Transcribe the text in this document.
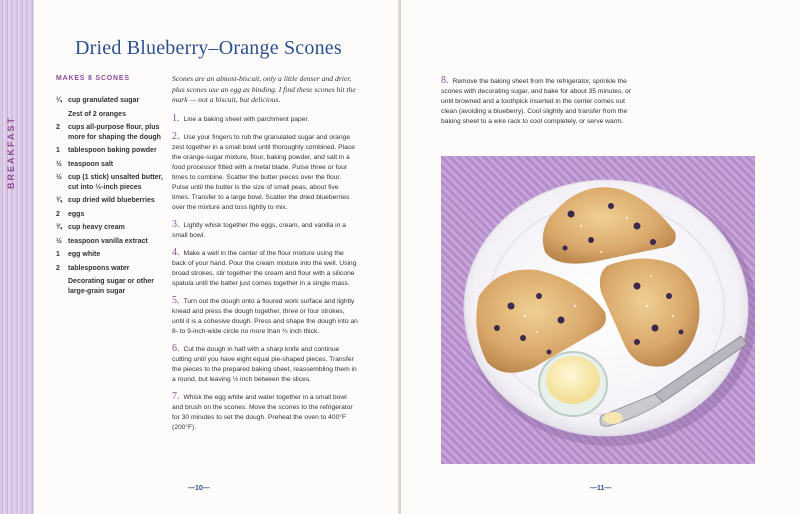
BREAKFAST
Dried Blueberry–Orange Scones
MAKES 8 SCONES
¼ cup granulated sugar
Zest of 2 oranges
2	cups all-purpose flour, plus more for shaping the dough
1	tablespoon baking powder
½ teaspoon salt
½ cup (1 stick) unsalted butter, cut into ½-inch pieces
¾ cup dried wild blueberries
2	eggs
¾ cup heavy cream
½ teaspoon vanilla extract
1	egg white
2	tablespoons water
Decorating sugar or other large-grain sugar
Scones are an almost-biscuit, only a little denser and drier, plus scones use an egg as binding. I find these scones hit the mark — not a biscuit, but delicious.
1. Line a baking sheet with parchment paper.
2. Use your fingers to rub the granulated sugar and orange zest together in a small bowl until thoroughly combined. Place the orange-sugar mixture, flour, baking powder, and salt in a food processor fitted with a metal blade. Pulse three or four times to combine. Scatter the butter pieces over the flour. Pulse until the butter is the size of small peas, about five times. Transfer to a large bowl. Scatter the dried blueberries over the mixture and toss lightly to mix.
3. Lightly whisk together the eggs, cream, and vanilla in a small bowl.
4. Make a well in the center of the flour mixture using the back of your hand. Pour the cream mixture into the well. Using broad strokes, stir together the cream and flour with a silicone spatula until the batter just comes together in a single mass.
5. Turn out the dough onto a floured work surface and lightly knead and press the dough together, three or four strokes, until it is a cohesive dough. Press and shape the dough into an 8- to 9-inch-wide circle no more than ¾ inch thick.
6. Cut the dough in half with a sharp knife and continue cutting until you have eight equal pie-shaped pieces. Transfer the pieces to the prepared baking sheet, reassembling them in a round, but leaving ½ inch between the slices.
7. Whisk the egg white and water together in a small bowl and brush on the scones. Move the scones to the refrigerator for 30 minutes to set the dough. Preheat the oven to 400°F (200°F).
8. Remove the baking sheet from the refrigerator, sprinkle the scones with decorating sugar, and bake for about 35 minutes, or until browned and a toothpick inserted in the center comes out clean (avoiding a blueberry). Cool slightly and transfer from the baking sheet to a wire rack to cool completely, or serve warm.
—10—	—11—
